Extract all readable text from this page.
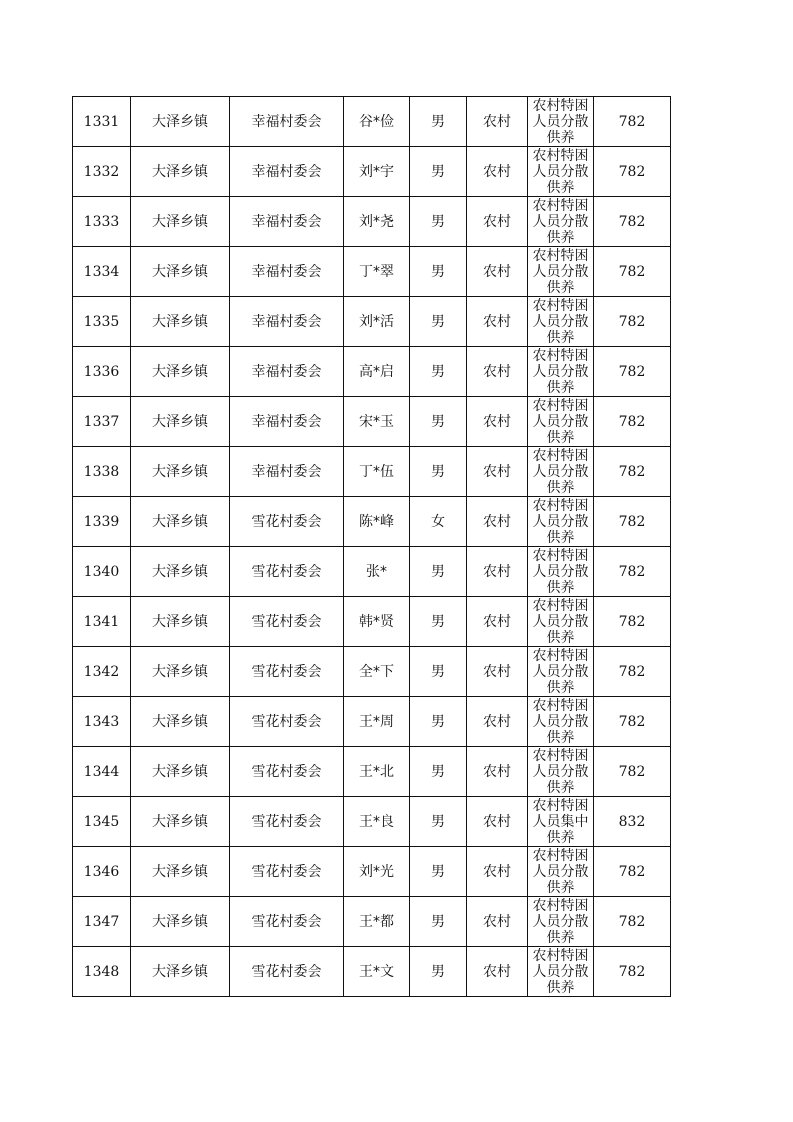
1331	大泽乡镇	幸福村委会	谷*俭	男	农村	农村特困人员分散供养	782
1332	大泽乡镇	幸福村委会	刘*宇	男	农村	农村特困人员分散供养	782
1333	大泽乡镇	幸福村委会	刘*尧	男	农村	农村特困人员分散供养	782
1334	大泽乡镇	幸福村委会	丁*翠	男	农村	农村特困人员分散供养	782
1335	大泽乡镇	幸福村委会	刘*活	男	农村	农村特困人员分散供养	782
1336	大泽乡镇	幸福村委会	高*启	男	农村	农村特困人员分散供养	782
1337	大泽乡镇	幸福村委会	宋*玉	男	农村	农村特困人员分散供养	782
1338	大泽乡镇	幸福村委会	丁*伍	男	农村	农村特困人员分散供养	782
1339	大泽乡镇	雪花村委会	陈*峰	女	农村	农村特困人员分散供养	782
1340	大泽乡镇	雪花村委会	张*	男	农村	农村特困人员分散供养	782
1341	大泽乡镇	雪花村委会	韩*贤	男	农村	农村特困人员分散供养	782
1342	大泽乡镇	雪花村委会	全*下	男	农村	农村特困人员分散供养	782
1343	大泽乡镇	雪花村委会	王*周	男	农村	农村特困人员分散供养	782
1344	大泽乡镇	雪花村委会	王*北	男	农村	农村特困人员分散供养	782
1345	大泽乡镇	雪花村委会	王*良	男	农村	农村特困人员集中供养	832
1346	大泽乡镇	雪花村委会	刘*光	男	农村	农村特困人员分散供养	782
1347	大泽乡镇	雪花村委会	王*都	男	农村	农村特困人员分散供养	782
1348	大泽乡镇	雪花村委会	王*文	男	农村	农村特困人员分散供养	782
